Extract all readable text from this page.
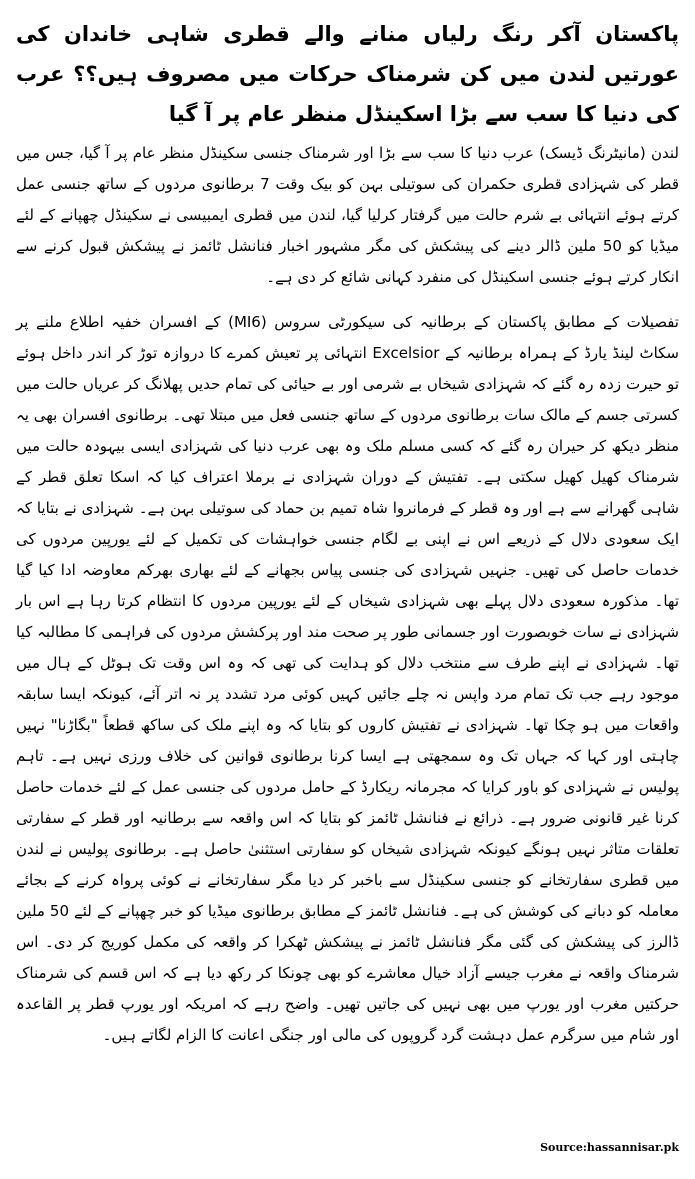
پاکستان آکر رنگ رلیاں منانے والے قطری شاہی خاندان کی عورتیں لندن میں کن شرمناک حرکات میں مصروف ہیں؟؟ عرب کی دنیا کا سب سے بڑا اسکینڈل منظر عام پر آ گیا

لندن (مانیٹرنگ ڈیسک) عرب دنیا کا سب سے بڑا اور شرمناک جنسی سکینڈل منظر عام پر آ گیا، جس میں قطر کی شہزادی قطری حکمران کی سوتیلی بہن کو بیک وقت 7 برطانوی مردوں کے ساتھ جنسی عمل کرتے ہوئے انتہائی بے شرم حالت میں گرفتار کرلیا گیا، لندن میں قطری ایمبیسی نے سکینڈل چھپانے کے لئے میڈیا کو 50 ملین ڈالر دینے کی پیشکش کی مگر مشہور اخبار فنانشل ٹائمز نے پیشکش قبول کرنے سے انکار کرتے ہوئے جنسی اسکینڈل کی منفرد کہانی شائع کر دی ہے۔

تفصیلات کے مطابق پاکستان کے برطانیہ کی سیکورٹی سروس (MI6) کے افسران خفیہ اطلاع ملنے پر سکاٹ لینڈ یارڈ کے ہمراہ برطانیہ کے Excelsior انتہائی پر تعیش کمرے کا دروازہ توڑ کر اندر داخل ہوئے تو حیرت زدہ رہ گئے کہ شہزادی شیخاں بے شرمی اور بے حیائی کی تمام حدیں پھلانگ کر عریاں حالت میں کسرتی جسم کے مالک سات برطانوی مردوں کے ساتھ جنسی فعل میں مبتلا تھی۔ برطانوی افسران بھی یہ منظر دیکھ کر حیران رہ گئے کہ کسی مسلم ملک وہ بھی عرب دنیا کی شہزادی ایسی بیہودہ حالت میں شرمناک کھیل کھیل سکتی ہے۔ تفتیش کے دوران شہزادی نے برملا اعتراف کیا کہ اسکا تعلق قطر کے شاہی گھرانے سے ہے اور وہ قطر کے فرمانروا شاہ تمیم بن حماد کی سوتیلی بہن ہے۔ شہزادی نے بتایا کہ ایک سعودی دلال کے ذریعے اس نے اپنی بے لگام جنسی خواہشات کی تکمیل کے لئے یورپین مردوں کی خدمات حاصل کی تھیں۔ جنہیں شہزادی کی جنسی پیاس بجھانے کے لئے بھاری بھرکم معاوضہ ادا کیا گیا تھا۔ مذکورہ سعودی دلال پہلے بھی شہزادی شیخاں کے لئے یورپین مردوں کا انتظام کرتا رہا ہے اس بار شہزادی نے سات خوبصورت اور جسمانی طور پر صحت مند اور پرکشش مردوں کی فراہمی کا مطالبہ کیا تھا۔ شہزادی نے اپنے طرف سے منتخب دلال کو ہدایت کی تھی کہ وہ اس وقت تک ہوٹل کے ہال میں موجود رہے جب تک تمام مرد واپس نہ چلے جائیں کہیں کوئی مرد تشدد پر نہ اتر آئے، کیونکہ ایسا سابقہ واقعات میں ہو چکا تھا۔ شہزادی نے تفتیش کاروں کو بتایا کہ وہ اپنے ملک کی ساکھ قطعاً "بگاڑنا" نہیں چاہتی اور کہا کہ جہاں تک وہ سمجھتی ہے ایسا کرنا برطانوی قوانین کی خلاف ورزی نہیں ہے۔ تاہم پولیس نے شہزادی کو باور کرایا کہ مجرمانہ ریکارڈ کے حامل مردوں کی جنسی عمل کے لئے خدمات حاصل کرنا غیر قانونی ضرور ہے۔ ذرائع نے فنانشل ٹائمز کو بتایا کہ اس واقعہ سے برطانیہ اور قطر کے سفارتی تعلقات متاثر نہیں ہونگے کیونکہ شہزادی شیخاں کو سفارتی استثنیٰ حاصل ہے۔ برطانوی پولیس نے لندن میں قطری سفارتخانے کو جنسی سکینڈل سے باخبر کر دیا مگر سفارتخانے نے کوئی پرواہ کرنے کے بجائے معاملہ کو دبانے کی کوشش کی ہے۔ فنانشل ٹائمز کے مطابق برطانوی میڈیا کو خبر چھپانے کے لئے 50 ملین ڈالرز کی پیشکش کی گئی مگر فنانشل ٹائمز نے پیشکش ٹھکرا کر واقعہ کی مکمل کوریج کر دی۔ اس شرمناک واقعہ نے مغرب جیسے آزاد خیال معاشرے کو بھی چونکا کر رکھ دیا ہے کہ اس قسم کی شرمناک حرکتیں مغرب اور یورپ میں بھی نہیں کی جاتیں تھیں۔ واضح رہے کہ امریکہ اور یورپ قطر پر القاعدہ اور شام میں سرگرم عمل دہشت گرد گروپوں کی مالی اور جنگی اعانت کا الزام لگاتے ہیں۔

Source:hassannisar.pk
